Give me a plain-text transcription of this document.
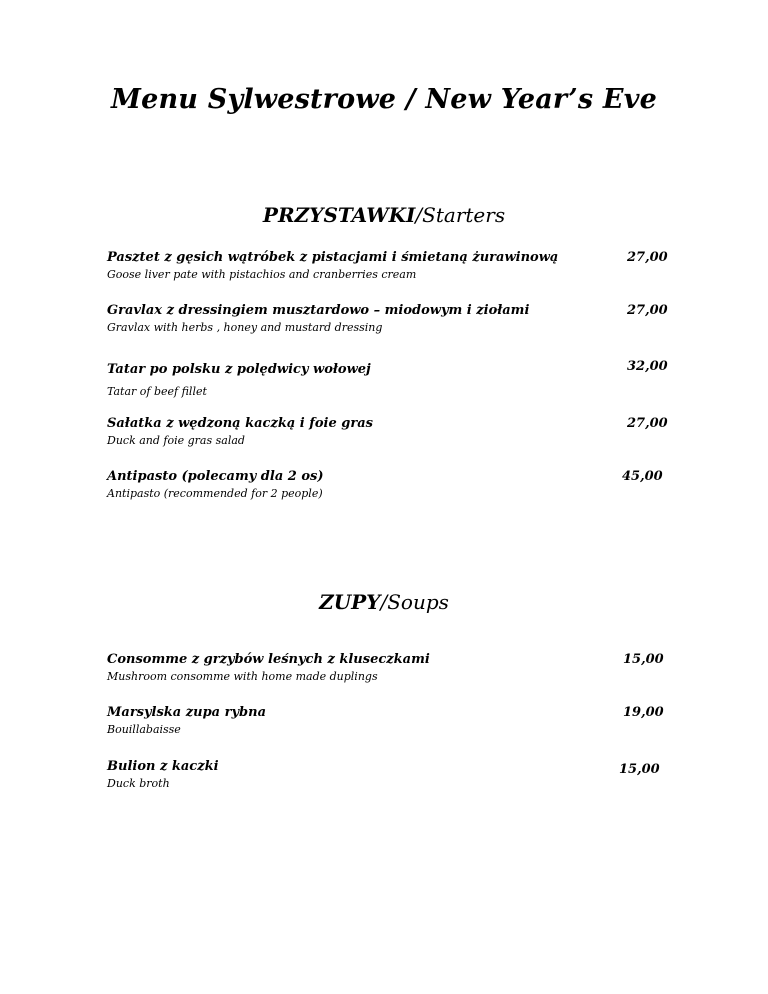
Menu Sylwestrowe / New Year’s Eve
PRZYSTAWKI/Starters
Pasztet z gęsich wątróbek z pistacjami i śmietaną żurawinową
Goose liver pate with pistachios and cranberries cream
27,00
Gravlax z dressingiem musztardowo – miodowym i ziołami
Gravlax with herbs , honey and mustard dressing
27,00
Tatar po polsku z polędwicy wołowej
Tatar of beef fillet
32,00
Sałatka z wędzoną kaczką i foie gras
Duck and foie gras salad
27,00
Antipasto (polecamy dla 2 os)
Antipasto (recommended for 2 people)
45,00
ZUPY/Soups
Consomme z grzybów leśnych z kluseczkami
Mushroom consomme with home made duplings
15,00
Marsylska zupa rybna
Bouillabaisse
19,00
Bulion z kaczki
Duck broth
15,00
